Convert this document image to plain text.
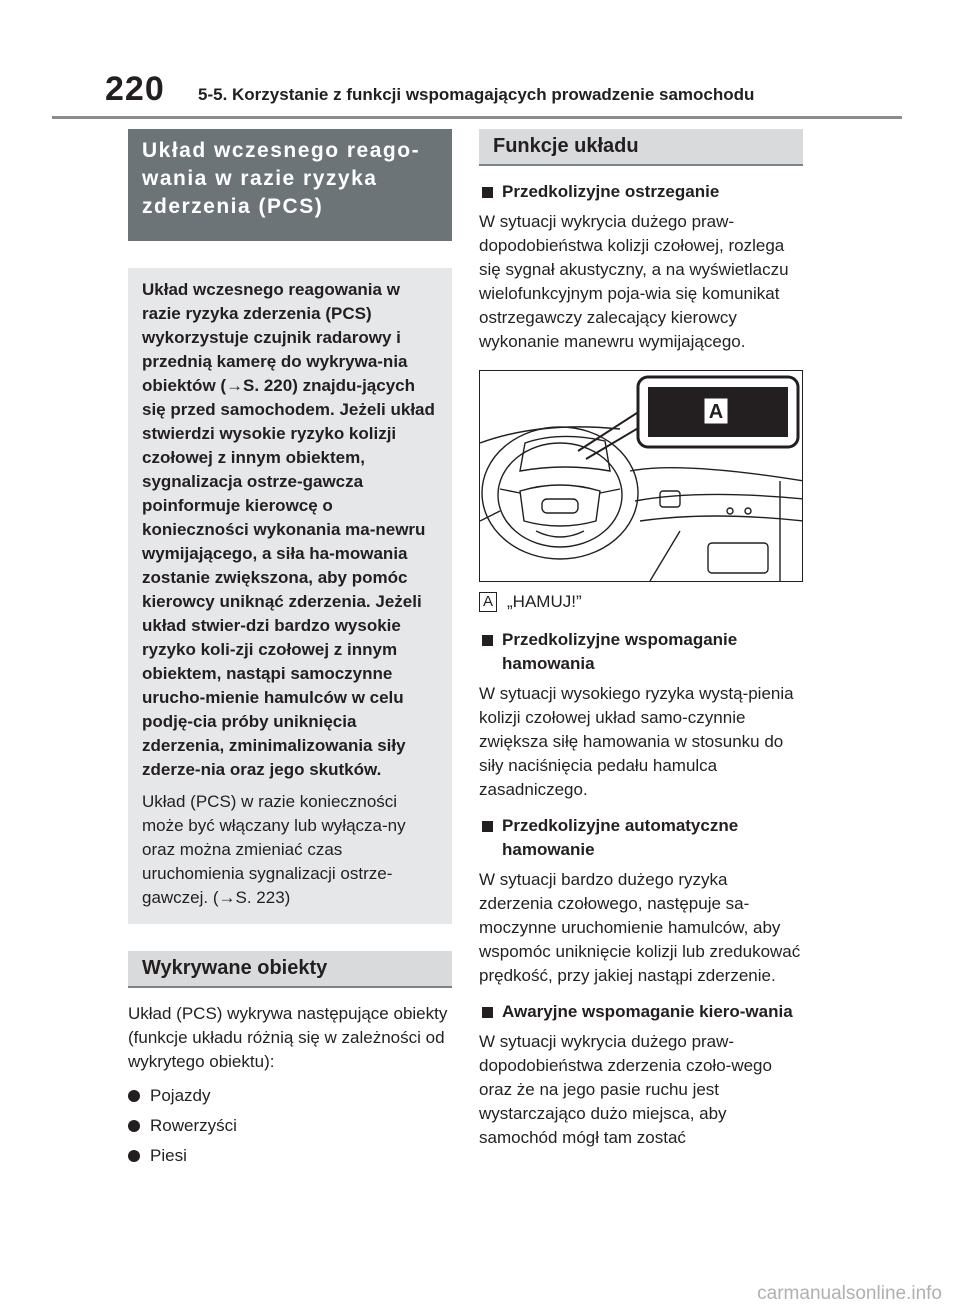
220 5-5. Korzystanie z funkcji wspomagających prowadzenie samochodu
Układ wczesnego reago-
wania w razie ryzyka
zderzenia (PCS)
Układ wczesnego reagowania w razie ryzyka zderzenia (PCS) wykorzystuje czujnik radarowy i przednią kamerę do wykrywa-nia obiektów (→S. 220) znajdu-jących się przed samochodem. Jeżeli układ stwierdzi wysokie ryzyko kolizji czołowej z innym obiektem, sygnalizacja ostrze-gawcza poinformuje kierowcę o konieczności wykonania ma-newru wymijającego, a siła ha-mowania zostanie zwiększona, aby pomóc kierowcy uniknąć zderzenia. Jeżeli układ stwier-dzi bardzo wysokie ryzyko koli-zji czołowej z innym obiektem, nastąpi samoczynne urucho-mienie hamulców w celu podję-cia próby uniknięcia zderzenia, zminimalizowania siły zderze-nia oraz jego skutków.
Układ (PCS) w razie konieczności może być włączany lub wyłącza-ny oraz można zmieniać czas uruchomienia sygnalizacji ostrze-gawczej. (→S. 223)
Wykrywane obiekty
Układ (PCS) wykrywa następujące obiekty (funkcje układu różnią się w zależności od wykrytego obiektu):
Pojazdy
Rowerzyści
Piesi
Funkcje układu
Przedkolizyjne ostrzeganie
W sytuacji wykrycia dużego praw-dopodobieństwa kolizji czołowej, rozlega się sygnał akustyczny, a na wyświetlaczu wielofunkcyjnym poja-wia się komunikat ostrzegawczy zalecający kierowcy wykonanie manewru wymijającego.
A
A „HAMUJ!”
Przedkolizyjne wspomaganie hamowania
W sytuacji wysokiego ryzyka wystą-pienia kolizji czołowej układ samo-czynnie zwiększa siłę hamowania w stosunku do siły naciśnięcia pedału hamulca zasadniczego.
Przedkolizyjne automatyczne hamowanie
W sytuacji bardzo dużego ryzyka zderzenia czołowego, następuje sa-moczynne uruchomienie hamulców, aby wspomóc uniknięcie kolizji lub zredukować prędkość, przy jakiej nastąpi zderzenie.
Awaryjne wspomaganie kiero-wania
W sytuacji wykrycia dużego praw-dopodobieństwa zderzenia czoło-wego oraz że na jego pasie ruchu jest wystarczająco dużo miejsca, aby samochód mógł tam zostać
carmanualsonline.info
